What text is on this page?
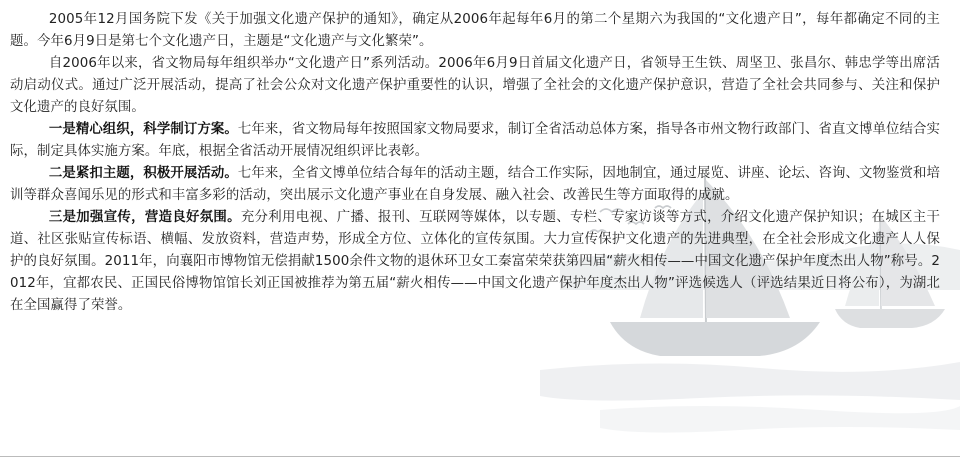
2005年12月国务院下发《关于加强文化遗产保护的通知》，确定从2006年起每年6月的第二个星期六为我国的“文化遗产日”，每年都确定不同的主题。今年6月9日是第七个文化遗产日，主题是“文化遗产与文化繁荣”。

自2006年以来，省文物局每年组织举办“文化遗产日”系列活动。2006年6月9日首届文化遗产日，省领导王生铁、周坚卫、张昌尔、韩忠学等出席活动启动仪式。通过广泛开展活动，提高了社会公众对文化遗产保护重要性的认识，增强了全社会的文化遗产保护意识，营造了全社会共同参与、关注和保护文化遗产的良好氛围。

一是精心组织，科学制订方案。七年来，省文物局每年按照国家文物局要求，制订全省活动总体方案，指导各市州文物行政部门、省直文博单位结合实际，制定具体实施方案。年底，根据全省活动开展情况组织评比表彰。

二是紧扣主题，积极开展活动。七年来，全省文博单位结合每年的活动主题，结合工作实际，因地制宜，通过展览、讲座、论坛、咨询、文物鉴赏和培训等群众喜闻乐见的形式和丰富多彩的活动，突出展示文化遗产事业在自身发展、融入社会、改善民生等方面取得的成就。

三是加强宣传，营造良好氛围。充分利用电视、广播、报刊、互联网等媒体，以专题、专栏、专家访谈等方式，介绍文化遗产保护知识；在城区主干道、社区张贴宣传标语、横幅、发放资料，营造声势，形成全方位、立体化的宣传氛围。大力宣传保护文化遗产的先进典型，在全社会形成文化遗产人人保护的良好氛围。2011年，向襄阳市博物馆无偿捐献1500余件文物的退休环卫女工秦富荣荣获第四届“薪火相传——中国文化遗产保护年度杰出人物”称号。2012年，宜都农民、正国民俗博物馆馆长刘正国被推荐为第五届“薪火相传——中国文化遗产保护年度杰出人物”评选候选人（评选结果近日将公布），为湖北在全国赢得了荣誉。
